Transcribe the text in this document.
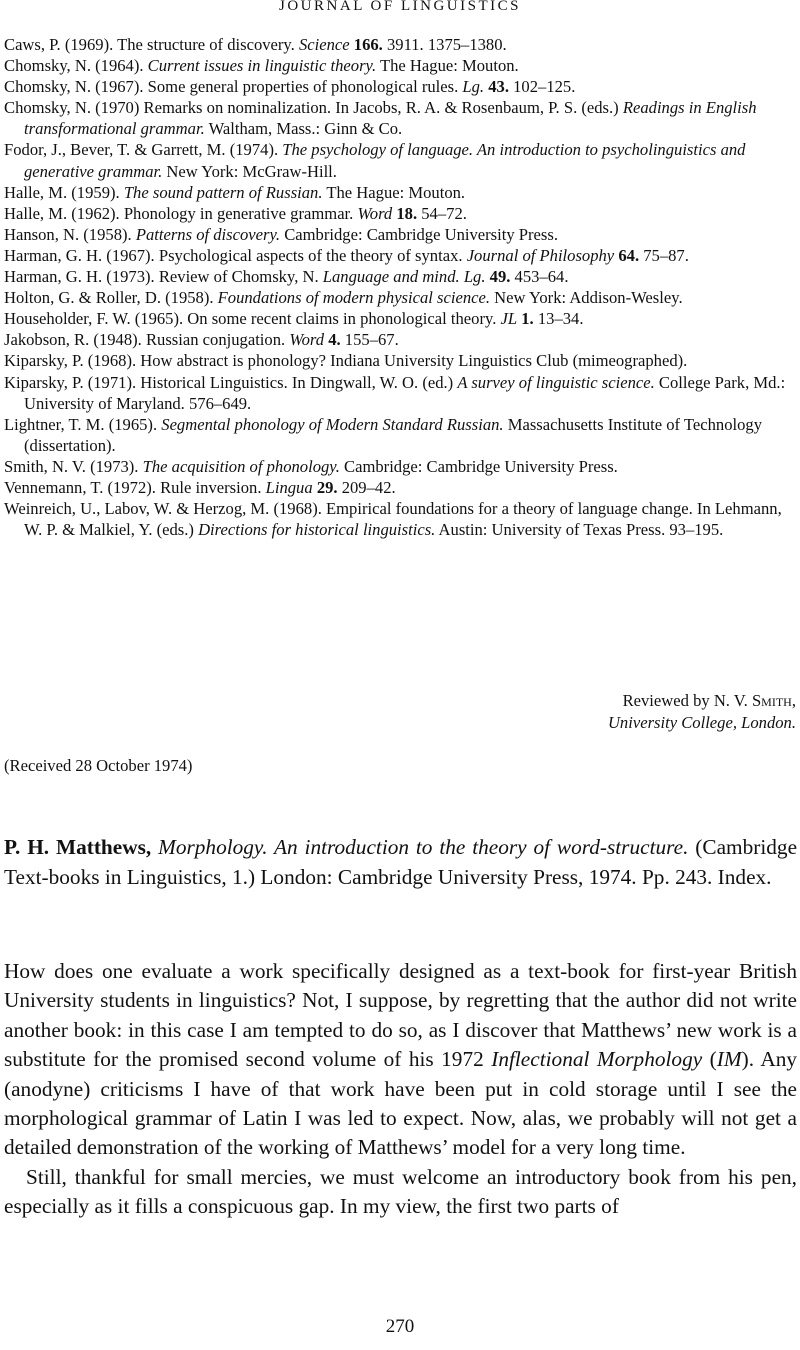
JOURNAL OF LINGUISTICS
Caws, P. (1969). The structure of discovery. Science 166. 3911. 1375–1380.
Chomsky, N. (1964). Current issues in linguistic theory. The Hague: Mouton.
Chomsky, N. (1967). Some general properties of phonological rules. Lg. 43. 102–125.
Chomsky, N. (1970) Remarks on nominalization. In Jacobs, R. A. & Rosenbaum, P. S. (eds.) Readings in English transformational grammar. Waltham, Mass.: Ginn & Co.
Fodor, J., Bever, T. & Garrett, M. (1974). The psychology of language. An introduction to psycholinguistics and generative grammar. New York: McGraw-Hill.
Halle, M. (1959). The sound pattern of Russian. The Hague: Mouton.
Halle, M. (1962). Phonology in generative grammar. Word 18. 54–72.
Hanson, N. (1958). Patterns of discovery. Cambridge: Cambridge University Press.
Harman, G. H. (1967). Psychological aspects of the theory of syntax. Journal of Philosophy 64. 75–87.
Harman, G. H. (1973). Review of Chomsky, N. Language and mind. Lg. 49. 453–64.
Holton, G. & Roller, D. (1958). Foundations of modern physical science. New York: Addison-Wesley.
Householder, F. W. (1965). On some recent claims in phonological theory. JL 1. 13–34.
Jakobson, R. (1948). Russian conjugation. Word 4. 155–67.
Kiparsky, P. (1968). How abstract is phonology? Indiana University Linguistics Club (mimeographed).
Kiparsky, P. (1971). Historical Linguistics. In Dingwall, W. O. (ed.) A survey of linguistic science. College Park, Md.: University of Maryland. 576–649.
Lightner, T. M. (1965). Segmental phonology of Modern Standard Russian. Massachusetts Institute of Technology (dissertation).
Smith, N. V. (1973). The acquisition of phonology. Cambridge: Cambridge University Press.
Vennemann, T. (1972). Rule inversion. Lingua 29. 209–42.
Weinreich, U., Labov, W. & Herzog, M. (1968). Empirical foundations for a theory of language change. In Lehmann, W. P. & Malkiel, Y. (eds.) Directions for historical linguistics. Austin: University of Texas Press. 93–195.
Reviewed by N. V. Smith,
University College, London.
(Received 28 October 1974)
P. H. Matthews, Morphology. An introduction to the theory of word-structure. (Cambridge Text-books in Linguistics, 1.) London: Cambridge University Press, 1974. Pp. 243. Index.

How does one evaluate a work specifically designed as a text-book for first-year British University students in linguistics? Not, I suppose, by regretting that the author did not write another book: in this case I am tempted to do so, as I discover that Matthews’ new work is a substitute for the promised second volume of his 1972 Inflectional Morphology (IM). Any (anodyne) criticisms I have of that work have been put in cold storage until I see the morphological grammar of Latin I was led to expect. Now, alas, we probably will not get a detailed demonstration of the working of Matthews’ model for a very long time.

Still, thankful for small mercies, we must welcome an introductory book from his pen, especially as it fills a conspicuous gap. In my view, the first two parts of

270
